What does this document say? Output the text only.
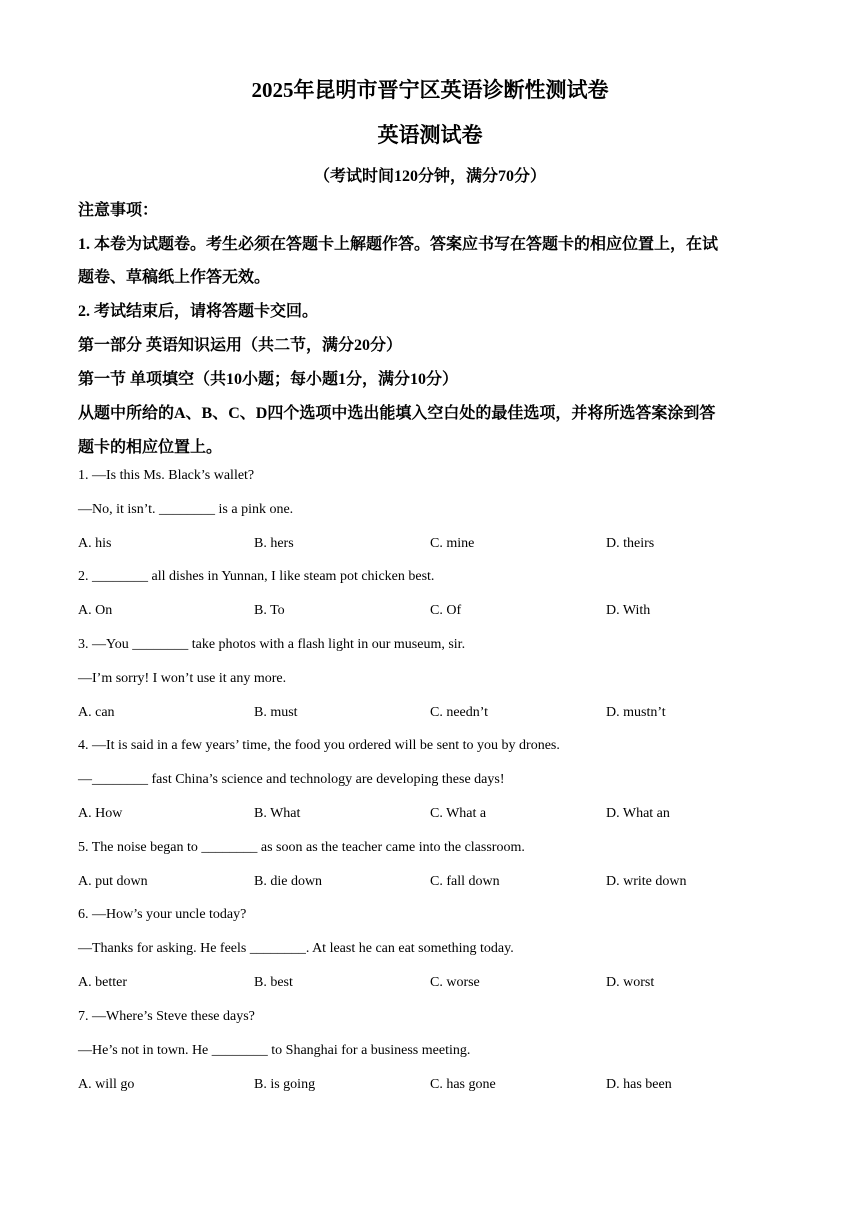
2025年昆明市晋宁区英语诊断性测试卷
英语测试卷
（考试时间120分钟，满分70分）
注意事项：
1. 本卷为试题卷。考生必须在答题卡上解题作答。答案应书写在答题卡的相应位置上，在试
题卷、草稿纸上作答无效。
2. 考试结束后，请将答题卡交回。
第一部分 英语知识运用（共二节，满分20分）
第一节 单项填空（共10小题；每小题1分，满分10分）
从题中所给的A、B、C、D四个选项中选出能填入空白处的最佳选项，并将所选答案涂到答
题卡的相应位置上。
1. —Is this Ms. Black’s wallet?
—No, it isn’t. ________ is a pink one.
A. his	B. hers	C. mine	D. theirs
2. ________ all dishes in Yunnan, I like steam pot chicken best.
A. On	B. To	C. Of	D. With
3. —You ________ take photos with a flash light in our museum, sir.
—I’m sorry! I won’t use it any more.
A. can	B. must	C. needn’t	D. mustn’t
4. —It is said in a few years’ time, the food you ordered will be sent to you by drones.
—________ fast China’s science and technology are developing these days!
A. How	B. What	C. What a	D. What an
5. The noise began to ________ as soon as the teacher came into the classroom.
A. put down	B. die down	C. fall down	D. write down
6. —How’s your uncle today?
—Thanks for asking. He feels ________. At least he can eat something today.
A. better	B. best	C. worse	D. worst
7. —Where’s Steve these days?
—He’s not in town. He ________ to Shanghai for a business meeting.
A. will go	B. is going	C. has gone	D. has been
